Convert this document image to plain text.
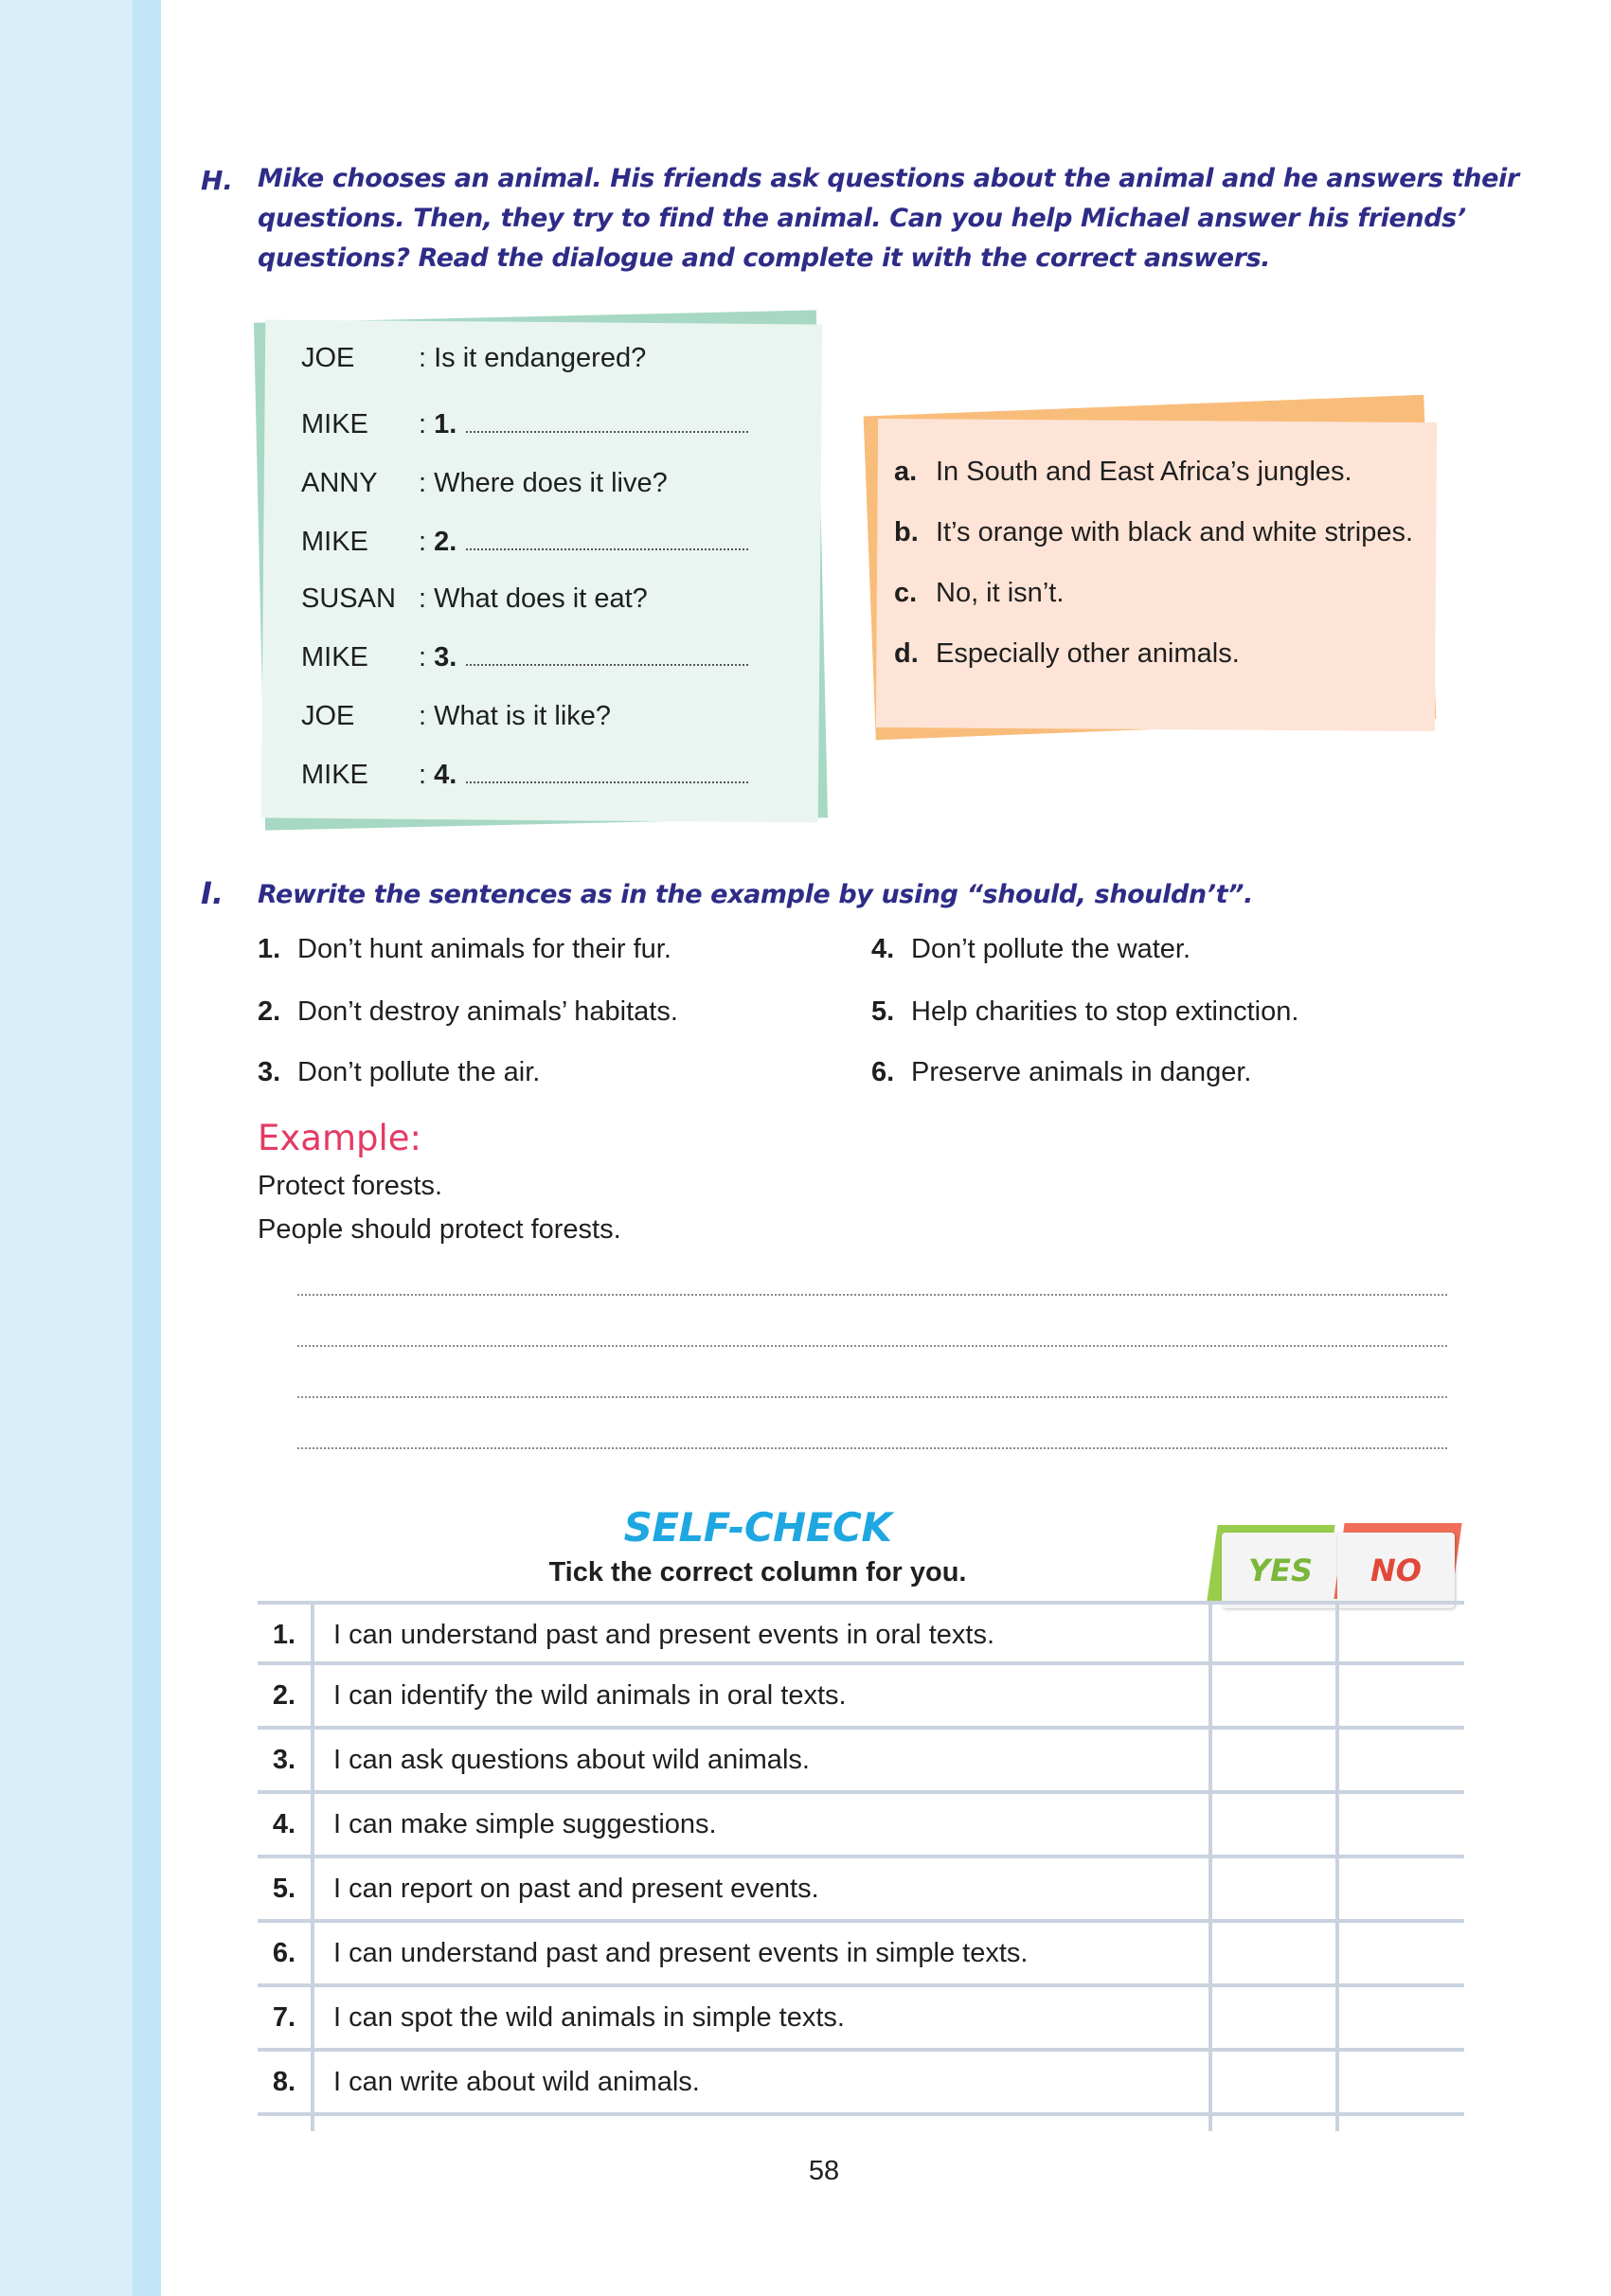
H. Mike chooses an animal. His friends ask questions about the animal and he answers their
questions. Then, they try to find the animal. Can you help Michael answer his friends’
questions? Read the dialogue and complete it with the correct answers.
JOE : Is it endangered?
MIKE : 1.
ANNY : Where does it live?
MIKE : 2.
SUSAN : What does it eat?
MIKE : 3.
JOE : What is it like?
MIKE : 4.
a. In South and East Africa’s jungles.
b. It’s orange with black and white stripes.
c. No, it isn’t.
d. Especially other animals.
I. Rewrite the sentences as in the example by using “should, shouldn’t”.
1. Don’t hunt animals for their fur.
2. Don’t destroy animals’ habitats.
3. Don’t pollute the air.
4. Don’t pollute the water.
5. Help charities to stop extinction.
6. Preserve animals in danger.
Example:
Protect forests.
People should protect forests.
SELF-CHECK
Tick the correct column for you.	YES	NO
1.	I can understand past and present events in oral texts.
2.	I can identify the wild animals in oral texts.
3.	I can ask questions about wild animals.
4.	I can make simple suggestions.
5.	I can report on past and present events.
6.	I can understand past and present events in simple texts.
7.	I can spot the wild animals in simple texts.
8.	I can write about wild animals.
58
